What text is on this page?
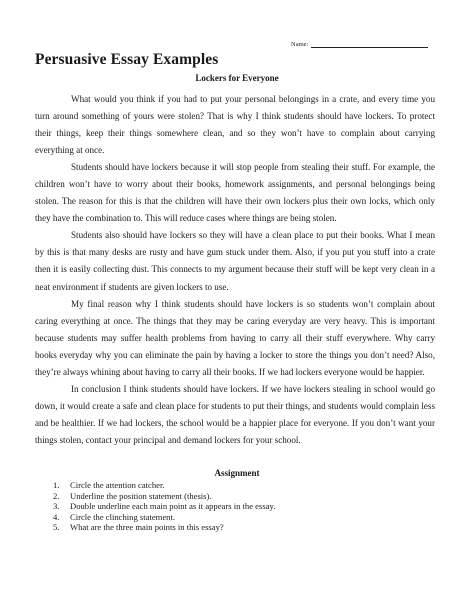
Name:
Persuasive Essay Examples
Lockers for Everyone

What would you think if you had to put your personal belongings in a crate, and every time you turn around something of yours were stolen? That is why I think students should have lockers. To protect their things, keep their things somewhere clean, and so they won’t have to complain about carrying everything at once.

Students should have lockers because it will stop people from stealing their stuff. For example, the children won’t have to worry about their books, homework assignments, and personal belongings being stolen. The reason for this is that the children will have their own lockers plus their own locks, which only they have the combination to. This will reduce cases where things are being stolen.

Students also should have lockers so they will have a clean place to put their books. What I mean by this is that many desks are rusty and have gum stuck under them. Also, if you put you stuff into a crate then it is easily collecting dust. This connects to my argument because their stuff will be kept very clean in a neat environment if students are given lockers to use.

My final reason why I think students should have lockers is so students won’t complain about caring everything at once. The things that they may be caring everyday are very heavy. This is important because students may suffer health problems from having to carry all their stuff everywhere. Why carry books everyday why you can eliminate the pain by having a locker to store the things you don’t need? Also, they’re always whining about having to carry all their books. If we had lockers everyone would be happier.

In conclusion I think students should have lockers. If we have lockers stealing in school would go down, it would create a safe and clean place for students to put their things, and students would complain less and be healthier. If we had lockers, the school would be a happier place for everyone. If you don’t want your things stolen, contact your principal and demand lockers for your school.

Assignment
1.	Circle the attention catcher.
2.	Underline the position statement (thesis).
3.	Double underline each main point as it appears in the essay.
4.	Circle the clinching statement.
5.	What are the three main points in this essay?
